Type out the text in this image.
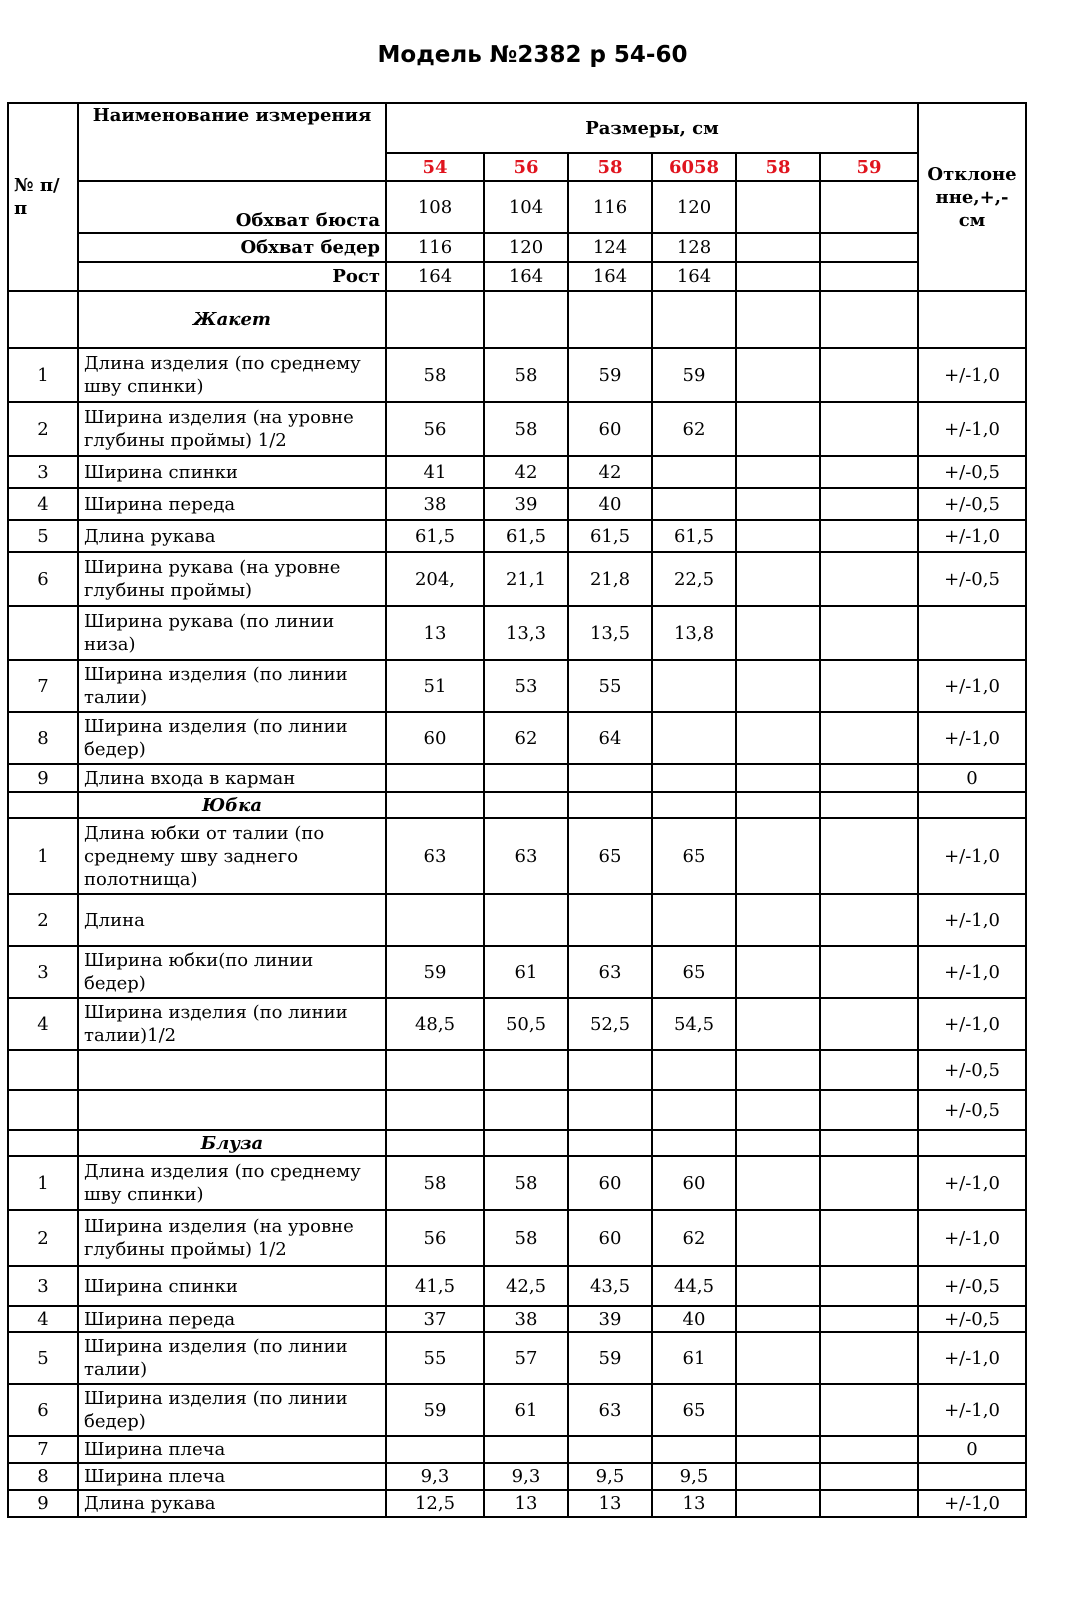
Модель №2382 р 54-60
№ п/п	Наименование измерения	Размеры, см						Отклоне нне,+,- см
		54	56	58	6058	58	59	
	Обхват бюста	108	104	116	120			
	Обхват бедер	116	120	124	128			
	Рост	164	164	164	164			
	Жакет							
1	Длина изделия (по среднему шву спинки)	58	58	59	59			+/-1,0
2	Ширина изделия (на уровне глубины проймы) 1/2	56	58	60	62			+/-1,0
3	Ширина спинки	41	42	42				+/-0,5
4	Ширина переда	38	39	40				+/-0,5
5	Длина рукава	61,5	61,5	61,5	61,5			+/-1,0
6	Ширина рукава (на уровне глубины проймы)	204,	21,1	21,8	22,5			+/-0,5
	Ширина рукава (по линии низа)	13	13,3	13,5	13,8			
7	Ширина изделия (по линии талии)	51	53	55				+/-1,0
8	Ширина изделия (по линии бедер)	60	62	64				+/-1,0
9	Длина входа в карман							0
	Юбка							
1	Длина юбки от талии (по среднему шву заднего полотнища)	63	63	65	65			+/-1,0
2	Длина							+/-1,0
3	Ширина юбки(по линии бедер)	59	61	63	65			+/-1,0
4	Ширина изделия (по линии талии)1/2	48,5	50,5	52,5	54,5			+/-1,0
								+/-0,5
								+/-0,5
	Блуза							
1	Длина изделия (по среднему шву спинки)	58	58	60	60			+/-1,0
2	Ширина изделия (на уровне глубины проймы) 1/2	56	58	60	62			+/-1,0
3	Ширина спинки	41,5	42,5	43,5	44,5			+/-0,5
4	Ширина переда	37	38	39	40			+/-0,5
5	Ширина изделия (по линии талии)	55	57	59	61			+/-1,0
6	Ширина изделия (по линии бедер)	59	61	63	65			+/-1,0
7	Ширина плеча							0
8	Ширина плеча	9,3	9,3	9,5	9,5			
9	Длина рукава	12,5	13	13	13			+/-1,0
